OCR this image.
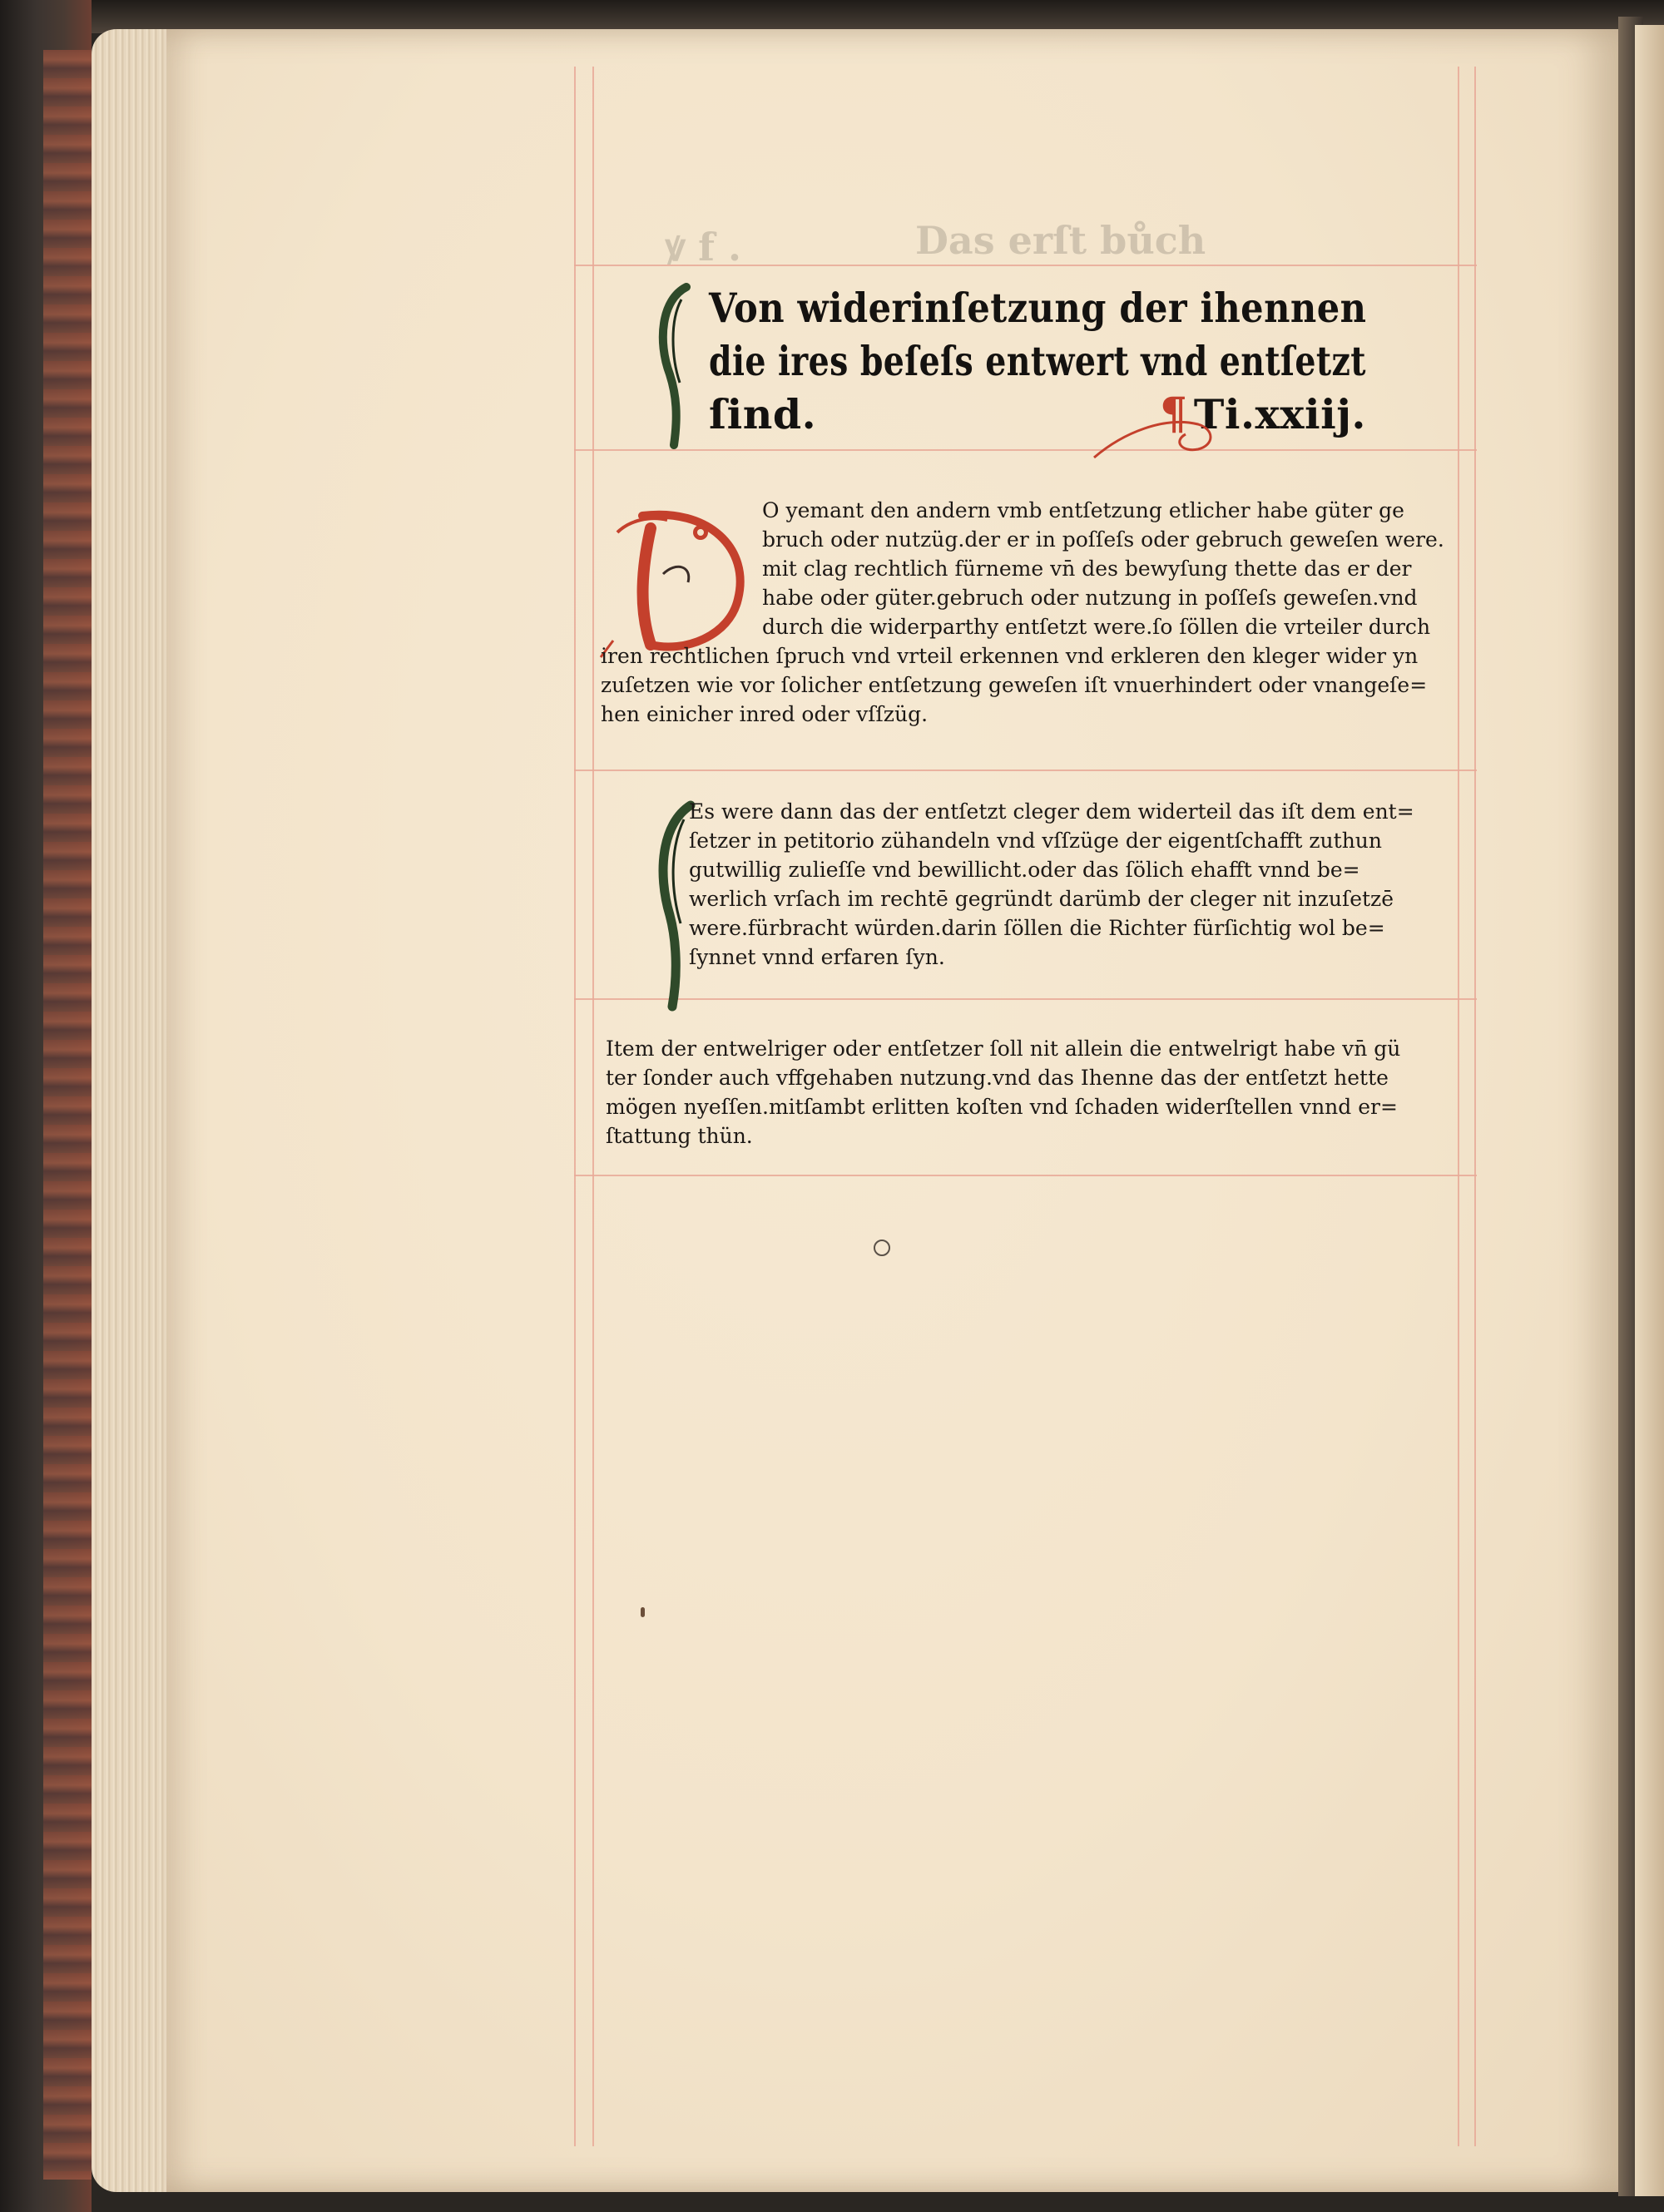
ꝟ f .	Das erſt bůch
Von widerinſetzung der ihennen
die ires beſeſs entwert vnd entſetzt
ſind.	¶ Ti.xxiij.
O yemant den andern vmb entſetzung etlicher habe güter ge
bruch oder nutzüg.der er in poſſeſs oder gebruch geweſen were.
mit clag rechtlich fürneme vn̄ des bewyſung thette das er der
habe oder güter.gebruch oder nutzung in poſſeſs geweſen.vnd
durch die widerparthy entſetzt were.ſo ſöllen die vrteiler durch
iren rechtlichen ſpruch vnd vrteil erkennen vnd erkleren den kleger wider yn
zuſetzen wie vor ſolicher entſetzung geweſen iſt vnuerhindert oder vnangeſe=
hen einicher inred oder vſſzüg.
Es were dann das der entſetzt cleger dem widerteil das iſt dem ent=
ſetzer in petitorio zühandeln vnd vſſzüge der eigentſchafft zuthun
gutwillig zulieſſe vnd bewillicht.oder das ſölich ehafft vnnd be=
werlich vrſach im rechtē gegründt darümb der cleger nit inzuſetzē
were.fürbracht würden.darin ſöllen die Richter fürſichtig wol be=
ſynnet vnnd erfaren ſyn.
Item der entwelriger oder entſetzer ſoll nit allein die entwelrigt habe vn̄ gü
ter ſonder auch vffgehaben nutzung.vnd das Ihenne das der entſetzt hette
mögen nyeſſen.mitſambt erlitten koſten vnd ſchaden widerſtellen vnnd er=
ſtattung thün.
